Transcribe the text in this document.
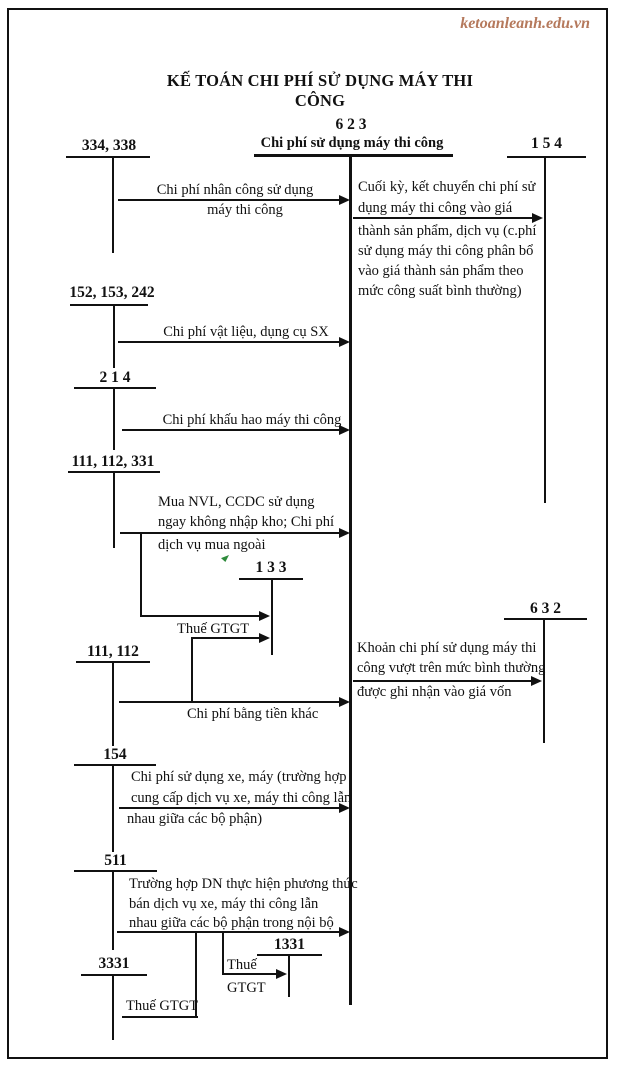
ketoanleanh.edu.vn
KẾ TOÁN CHI PHÍ SỬ DỤNG MÁY THI CÔNG
6 2 3
Chi phí sử dụng máy thi công
334, 338
152, 153, 242
2 1 4
111, 112, 331
1 3 3
111, 112
154
511
3331
1331
1 5 4
6 3 2
Chi phí nhân công sử dụng
máy thi công
Chi phí vật liệu, dụng cụ SX
Chi phí khấu hao máy thi công
Mua NVL, CCDC sử dụng
ngay không nhập kho; Chi phí
dịch vụ mua ngoài
Thuế GTGT
Chi phí bằng tiền khác
Chi phí sử dụng xe, máy (trường hợp
cung cấp dịch vụ xe, máy thi công lẫn
nhau giữa các bộ phận)
Trường hợp DN thực hiện phương thức
bán dịch vụ xe, máy thi công lẫn
nhau giữa các bộ phận trong nội bộ
Thuế
GTGT
Thuế GTGT
Cuối kỳ, kết chuyển chi phí sử
dụng máy thi công vào giá
thành sản phẩm, dịch vụ (c.phí
sử dụng máy thi công phân bổ
vào giá thành sản phẩm theo
mức công suất bình thường)
Khoản chi phí sử dụng máy thi
công vượt trên mức bình thường
được ghi nhận vào giá vốn
